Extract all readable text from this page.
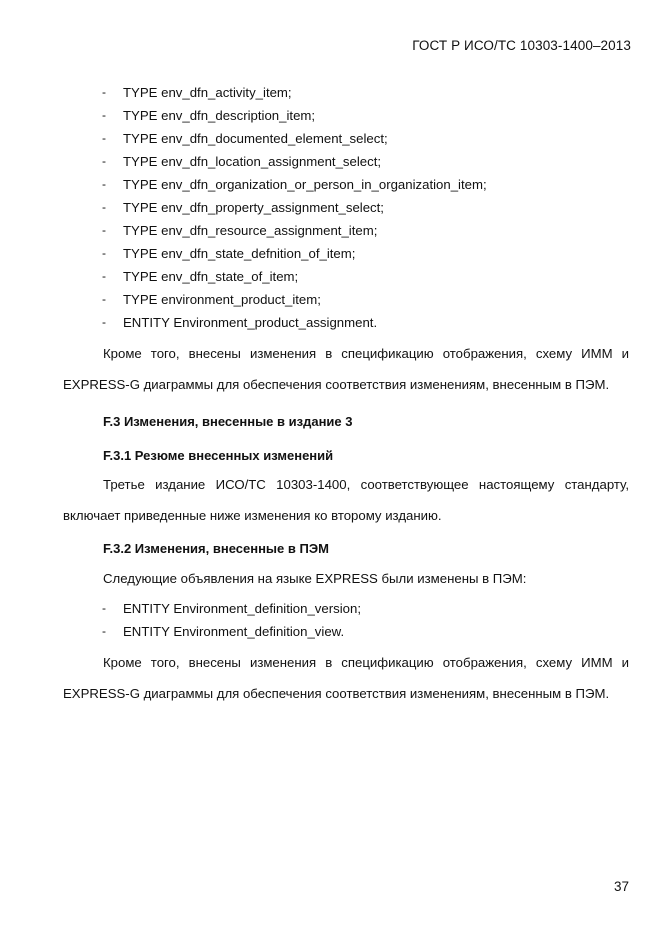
ГОСТ Р ИСО/ТС 10303-1400–2013
- TYPE env_dfn_activity_item;
- TYPE env_dfn_description_item;
- TYPE env_dfn_documented_element_select;
- TYPE env_dfn_location_assignment_select;
- TYPE env_dfn_organization_or_person_in_organization_item;
- TYPE env_dfn_property_assignment_select;
- TYPE env_dfn_resource_assignment_item;
- TYPE env_dfn_state_defnition_of_item;
- TYPE env_dfn_state_of_item;
- TYPE environment_product_item;
- ENTITY Environment_product_assignment.

Кроме того, внесены изменения в спецификацию отображения, схему ИММ и
EXPRESS-G диаграммы для обеспечения соответствия изменениям, внесенным в ПЭМ.

F.3 Изменения, внесенные в издание 3
F.3.1 Резюме внесенных изменений

Третье издание ИСО/ТС 10303-1400, соответствующее настоящему стандарту,
включает приведенные ниже изменения ко второму изданию.

F.3.2 Изменения, внесенные в ПЭМ
Следующие объявления на языке EXPRESS были изменены в ПЭМ:
- ENTITY Environment_definition_version;
- ENTITY Environment_definition_view.

Кроме того, внесены изменения в спецификацию отображения, схему ИММ и
EXPRESS-G диаграммы для обеспечения соответствия изменениям, внесенным в ПЭМ.

37
